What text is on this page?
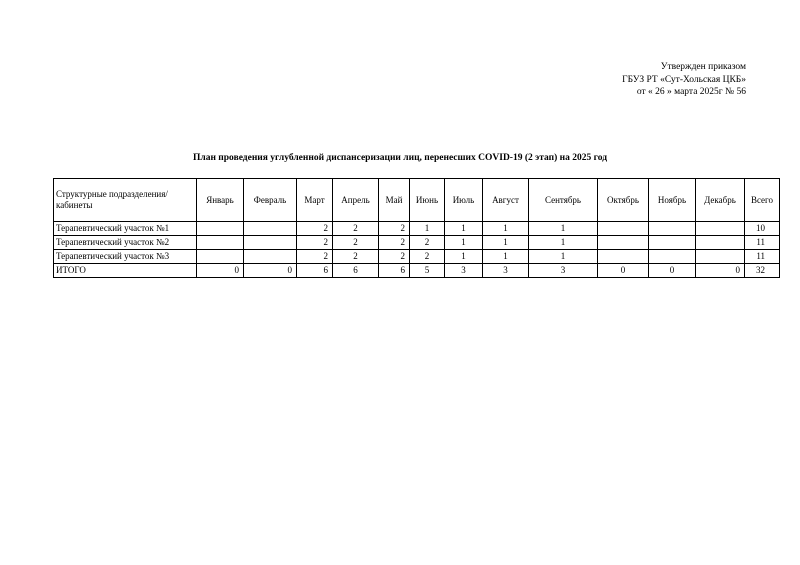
Утвержден приказом
ГБУЗ РТ «Сут-Хольская ЦКБ»
от « 26 » марта 2025г № 56
План проведения углубленной диспансеризации лиц, перенесших COVID-19 (2 этап) на 2025 год
Структурные подразделения/ кабинеты	Январь	Февраль	Март	Апрель	Май	Июнь	Июль	Август	Сентябрь	Октябрь	Ноябрь	Декабрь	Всего
Терапевтический участок №1			2	2	2	1	1	1	1				10
Терапевтический участок №2			2	2	2	2	1	1	1				11
Терапевтический участок №3			2	2	2	2	1	1	1				11
ИТОГО	0	0	6	6	6	5	3	3	3	0	0	0	32
